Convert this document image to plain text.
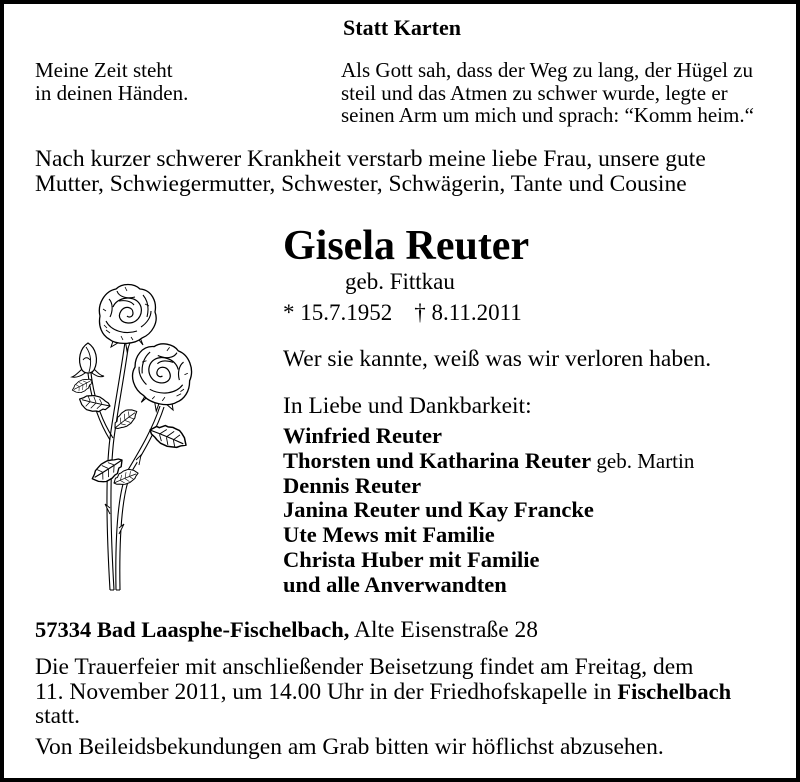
Statt Karten
Meine Zeit steht
in deinen Händen.
Als Gott sah, dass der Weg zu lang, der Hügel zu
steil und das Atmen zu schwer wurde, legte er
seinen Arm um mich und sprach: “Komm heim.“
Nach kurzer schwerer Krankheit verstarb meine liebe Frau, unsere gute
Mutter, Schwiegermutter, Schwester, Schwägerin, Tante und Cousine
Gisela Reuter
geb. Fittkau
* 15.7.1952 † 8.11.2011
Wer sie kannte, weiß was wir verloren haben.
In Liebe und Dankbarkeit:
Winfried Reuter
Thorsten und Katharina Reuter geb. Martin
Dennis Reuter
Janina Reuter und Kay Francke
Ute Mews mit Familie
Christa Huber mit Familie
und alle Anverwandten
57334 Bad Laasphe-Fischelbach, Alte Eisenstraße 28
Die Trauerfeier mit anschließender Beisetzung findet am Freitag, dem
11. November 2011, um 14.00 Uhr in der Friedhofskapelle in Fischelbach
statt.
Von Beileidsbekundungen am Grab bitten wir höflichst abzusehen.
